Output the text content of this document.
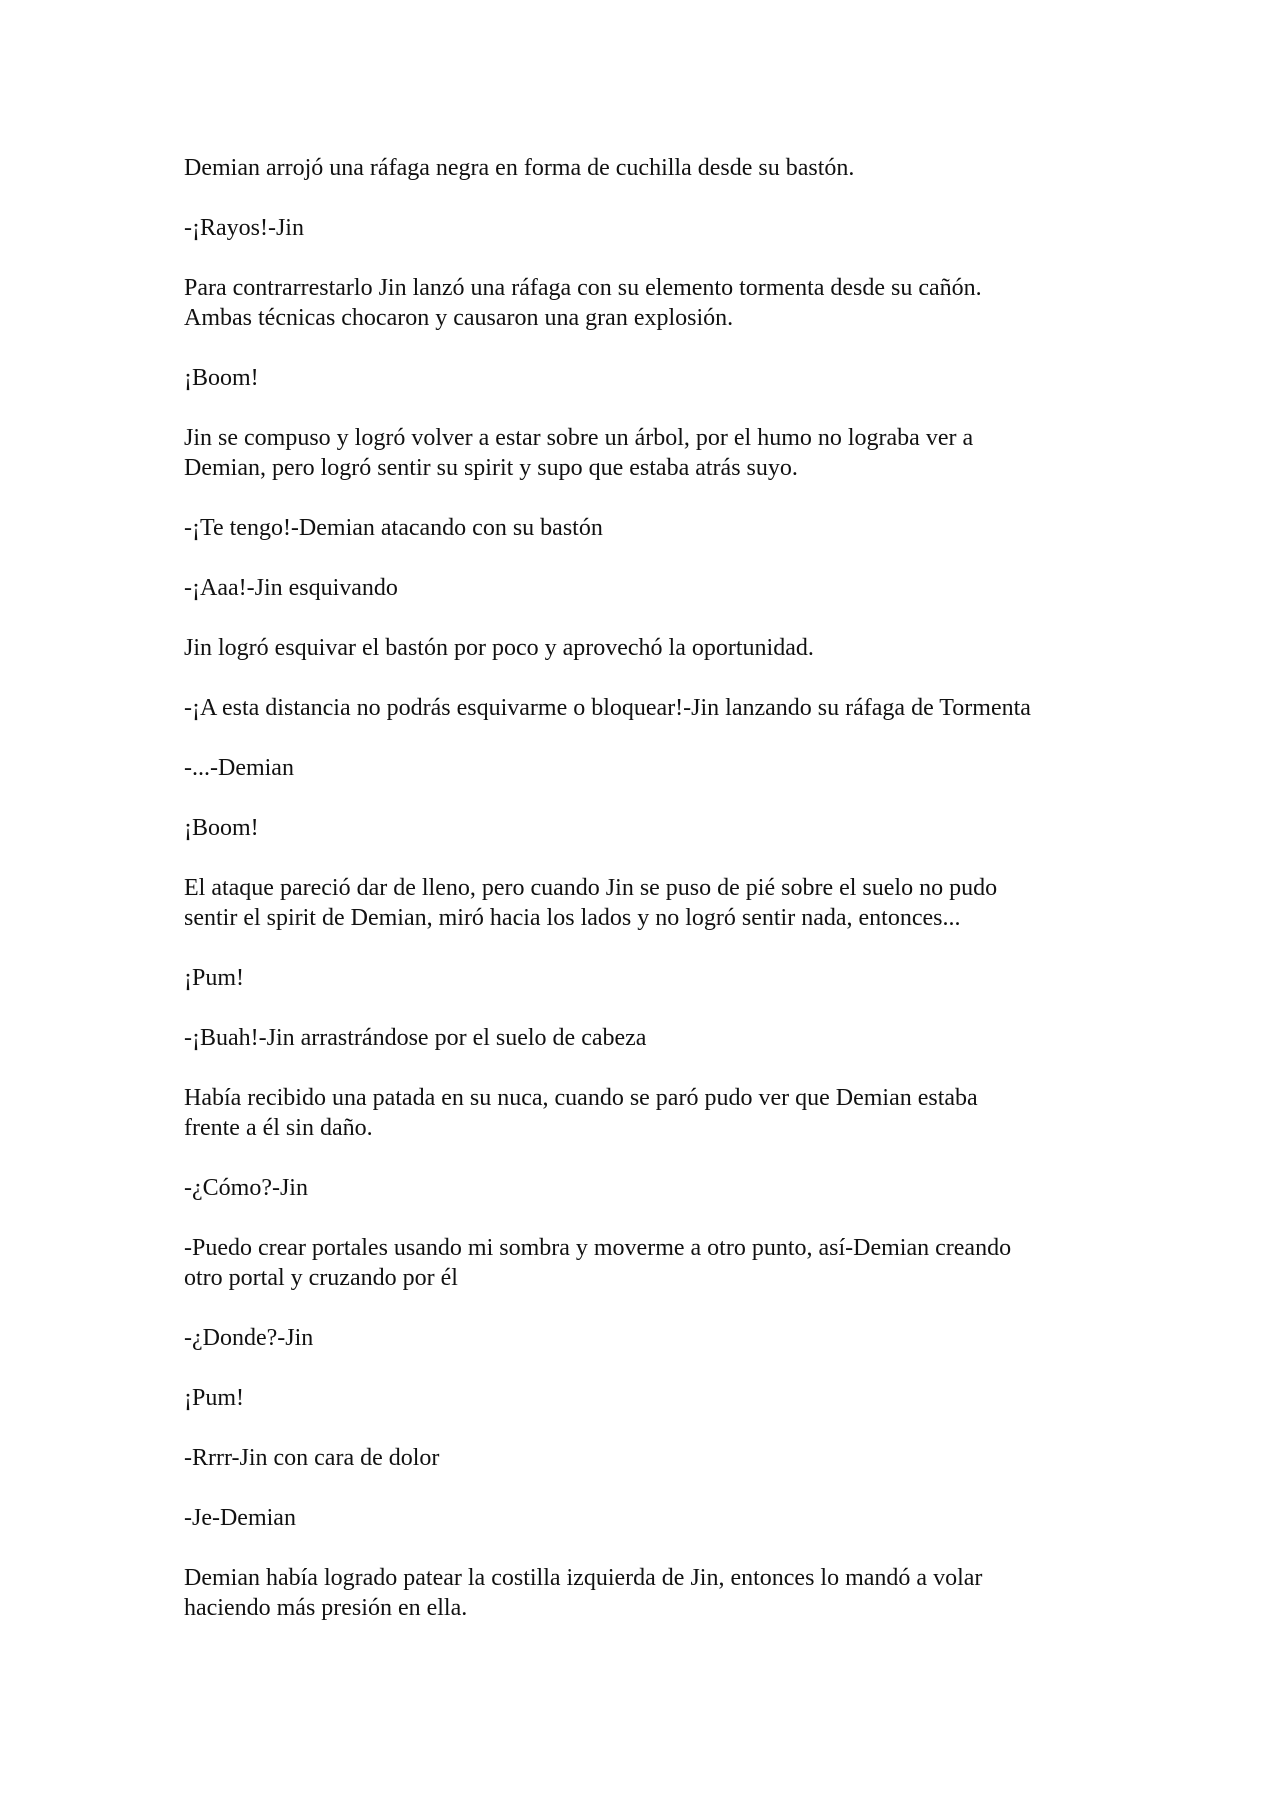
Demian arrojó una ráfaga negra en forma de cuchilla desde su bastón.

-¡Rayos!-Jin

Para contrarrestarlo Jin lanzó una ráfaga con su elemento tormenta desde su cañón.
Ambas técnicas chocaron y causaron una gran explosión.

¡Boom!

Jin se compuso y logró volver a estar sobre un árbol, por el humo no lograba ver a
Demian, pero logró sentir su spirit y supo que estaba atrás suyo.

-¡Te tengo!-Demian atacando con su bastón

-¡Aaa!-Jin esquivando

Jin logró esquivar el bastón por poco y aprovechó la oportunidad.

-¡A esta distancia no podrás esquivarme o bloquear!-Jin lanzando su ráfaga de Tormenta

-...-Demian

¡Boom!

El ataque pareció dar de lleno, pero cuando Jin se puso de pié sobre el suelo no pudo
sentir el spirit de Demian, miró hacia los lados y no logró sentir nada, entonces...

¡Pum!

-¡Buah!-Jin arrastrándose por el suelo de cabeza

Había recibido una patada en su nuca, cuando se paró pudo ver que Demian estaba
frente a él sin daño.

-¿Cómo?-Jin

-Puedo crear portales usando mi sombra y moverme a otro punto, así-Demian creando
otro portal y cruzando por él

-¿Donde?-Jin

¡Pum!

-Rrrr-Jin con cara de dolor

-Je-Demian

Demian había logrado patear la costilla izquierda de Jin, entonces lo mandó a volar
haciendo más presión en ella.
